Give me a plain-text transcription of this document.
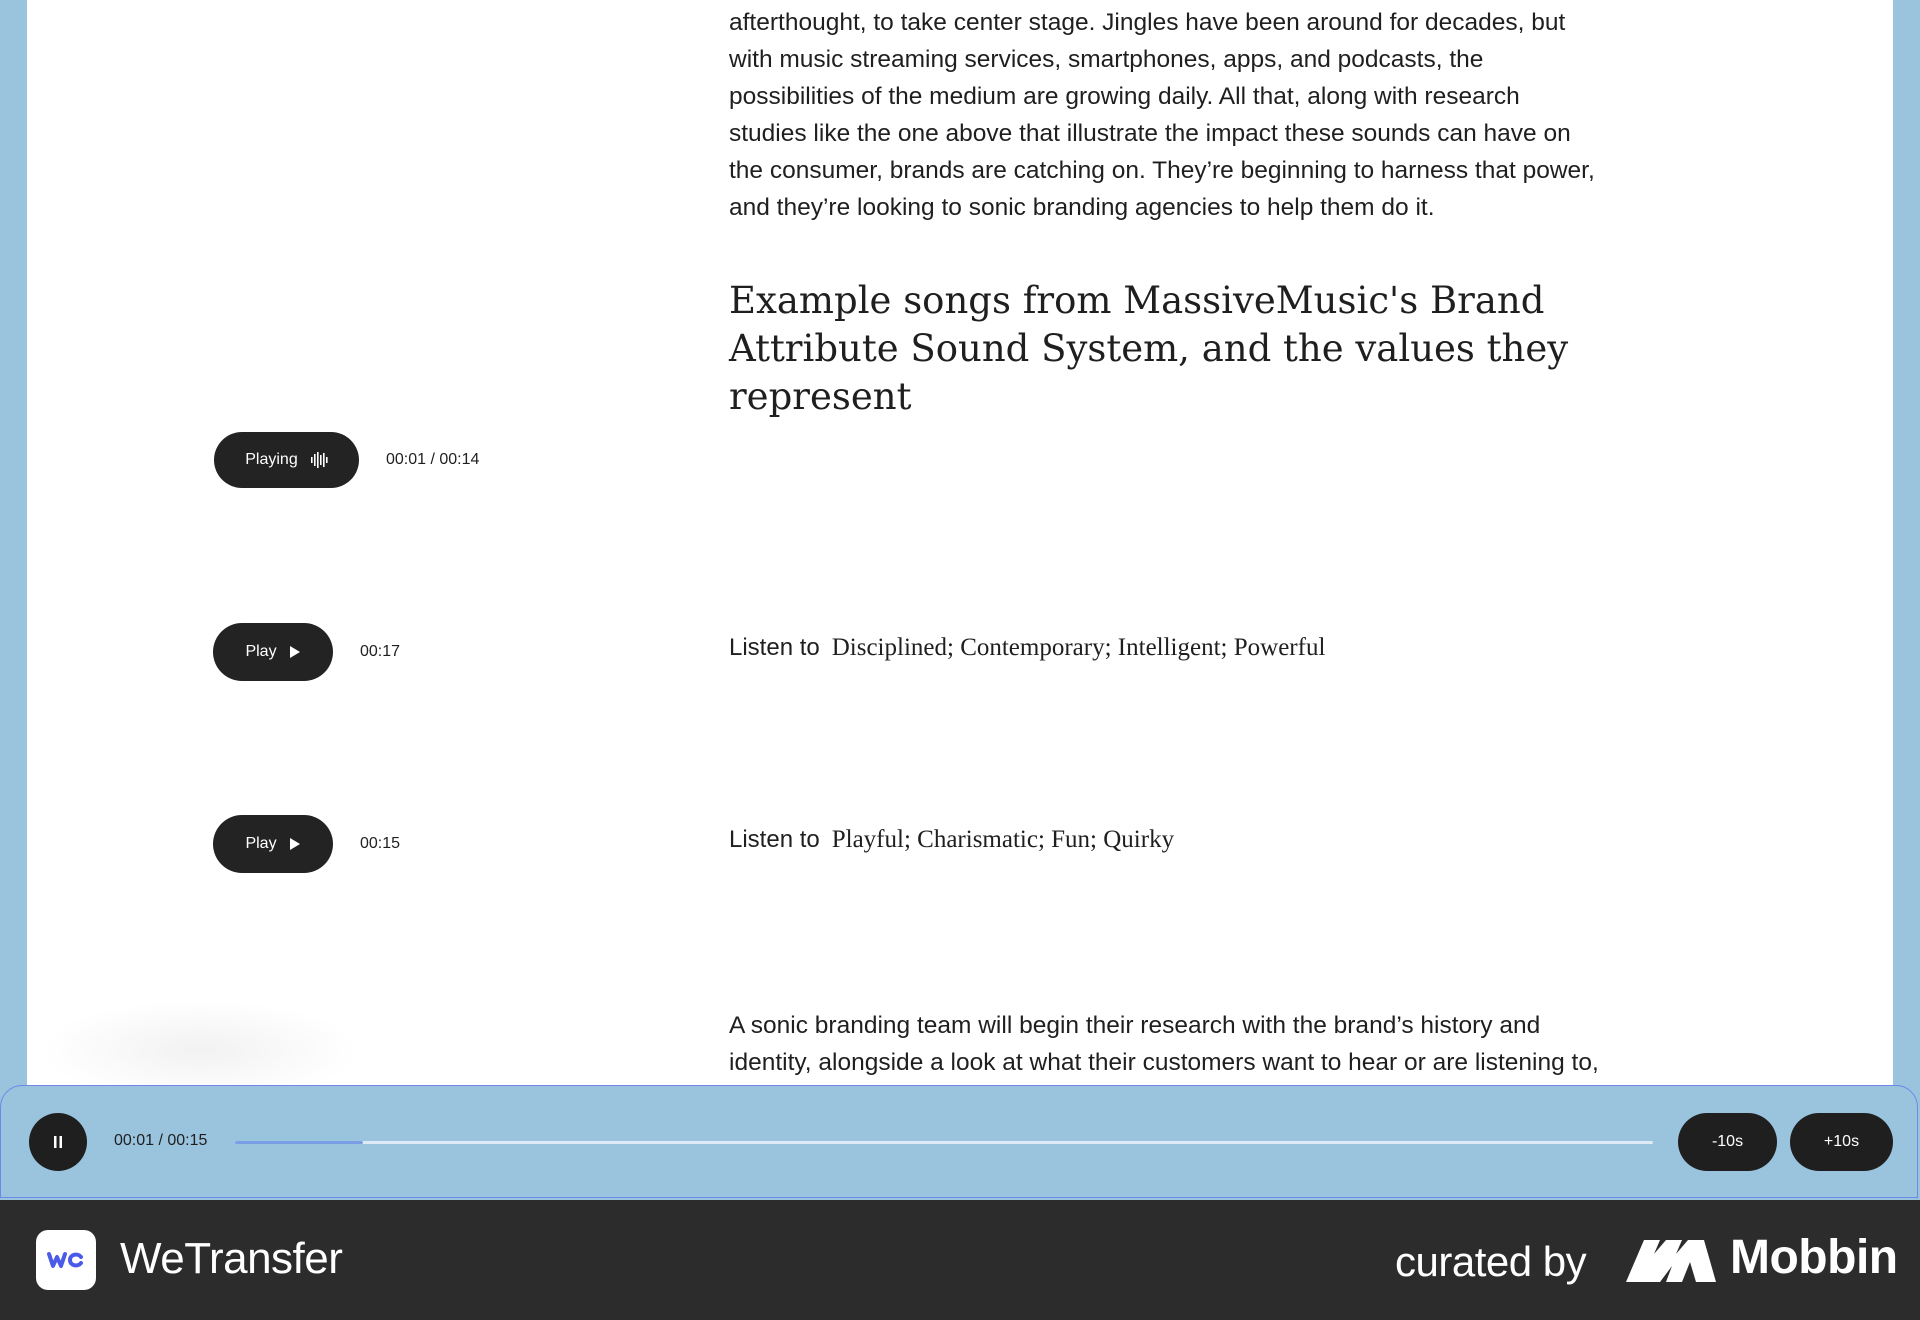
afterthought, to take center stage. Jingles have been around for decades, but with music streaming services, smartphones, apps, and podcasts, the possibilities of the medium are growing daily. All that, along with research studies like the one above that illustrate the impact these sounds can have on the consumer, brands are catching on. They’re beginning to harness that power, and they’re looking to sonic branding agencies to help them do it.

Example songs from MassiveMusic's Brand Attribute Sound System, and the values they represent
Playing	00:01 / 00:14
Play	00:17	Listen to Disciplined; Contemporary; Intelligent; Powerful
Play	00:15	Listen to Playful; Charismatic; Fun; Quirky

A sonic branding team will begin their research with the brand’s history and identity, alongside a look at what their customers want to hear or are listening to,

00:01 / 00:15	-10s	+10s
WeTransfer	curated by	Mobbin
